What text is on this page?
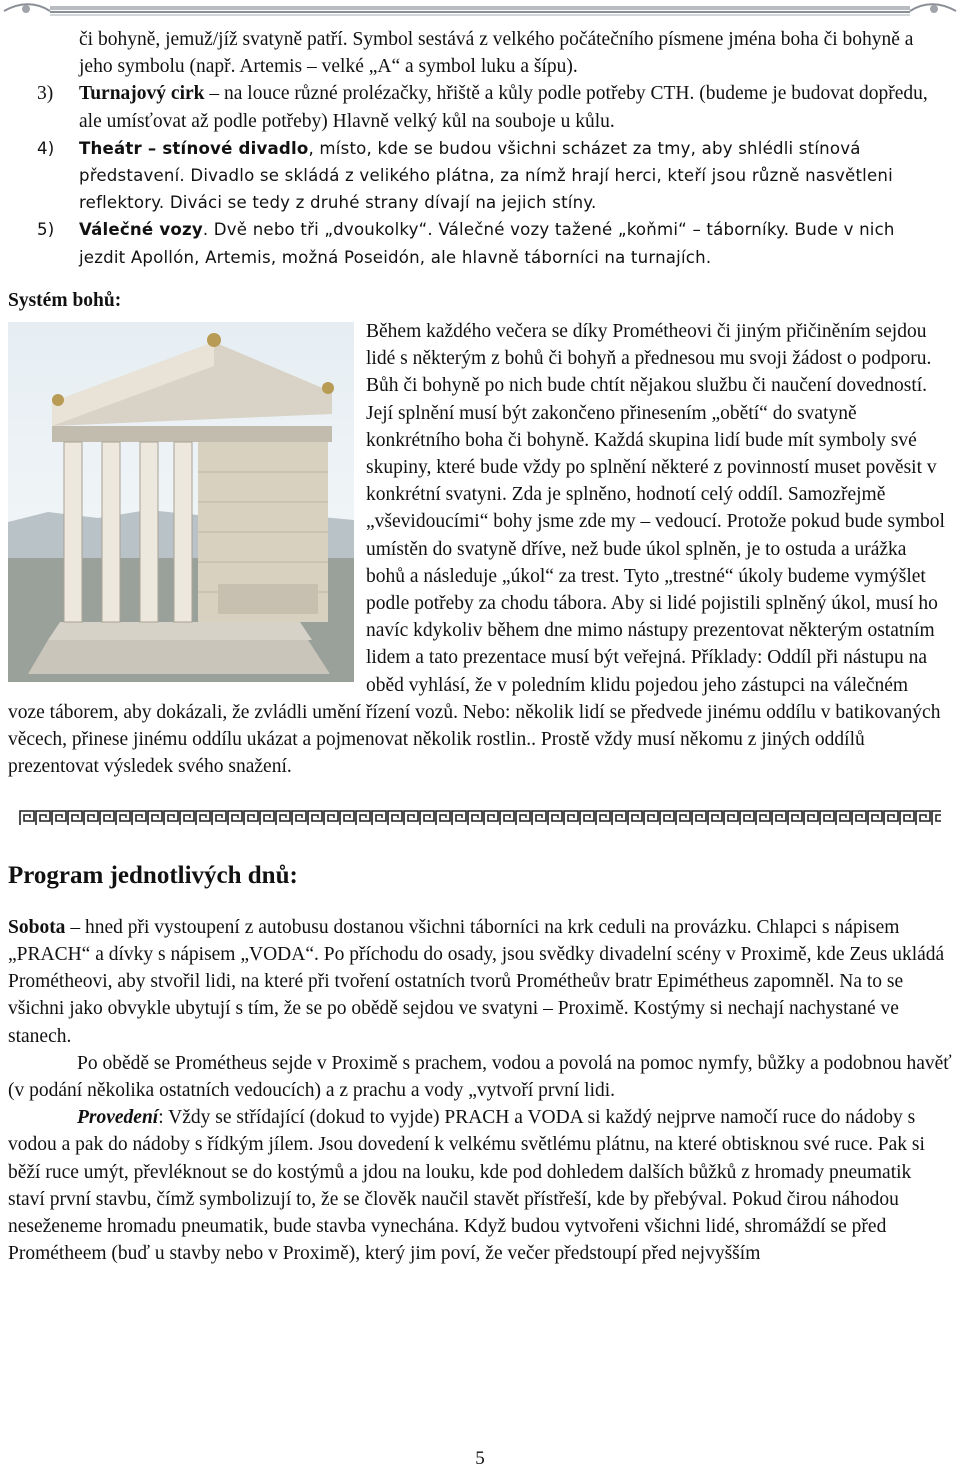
či bohyně, jemuž/jíž svatyně patří. Symbol sestává z velkého počátečního písmene jména boha či bohyně a jeho symbolu (např. Artemis – velké „A“ a symbol luku a šípu).
3) Turnajový cirk – na louce různé prolézačky, hřiště a kůly podle potřeby CTH. (budeme je budovat dopředu, ale umísťovat až podle potřeby) Hlavně velký kůl na souboje u kůlu.
4) Theátr – stínové divadlo, místo, kde se budou všichni scházet za tmy, aby shlédli stínová představení. Divadlo se skládá z velikého plátna, za nímž hrají herci, kteří jsou různě nasvětleni reflektory. Diváci se tedy z druhé strany dívají na jejich stíny.
5) Válečné vozy. Dvě nebo tři „dvoukolky“. Válečné vozy tažené „koňmi“ – táborníky. Bude v nich jezdit Apollón, Artemis, možná Poseidón, ale hlavně táborníci na turnajích.
Systém bohů:
Během každého večera se díky Prométheovi či jiným přičiněním sejdou lidé s některým z bohů či bohyň a přednesou mu svoji žádost o podporu. Bůh či bohyně po nich bude chtít nějakou službu či naučení dovedností. Její splnění musí být zakončeno přinesením „obětí“ do svatyně konkrétního boha či bohyně. Každá skupina lidí bude mít symboly své skupiny, které bude vždy po splnění některé z povinností muset pověsit v konkrétní svatyni. Zda je splněno, hodnotí celý oddíl. Samozřejmě „vševidoucími“ bohy jsme zde my – vedoucí. Protože pokud bude symbol umístěn do svatyně dříve, než bude úkol splněn, je to ostuda a urážka bohů a následuje „úkol“ za trest. Tyto „trestné“ úkoly budeme vymýšlet podle potřeby za chodu tábora. Aby si lidé pojistili splněný úkol, musí ho navíc kdykoliv během dne mimo nástupy prezentovat některým ostatním lidem a tato prezentace musí být veřejná. Příklady: Oddíl při nástupu na oběd vyhlásí, že v poledním klidu pojedou jeho zástupci na válečném voze táborem, aby dokázali, že zvládli umění řízení vozů. Nebo: několik lidí se předvede jinému oddílu v batikovaných věcech, přinese jinému oddílu ukázat a pojmenovat několik rostlin.. Prostě vždy musí někomu z jiných oddílů prezentovat výsledek svého snažení.
Program jednotlivých dnů:

Sobota – hned při vystoupení z autobusu dostanou všichni táborníci na krk ceduli na provázku. Chlapci s nápisem „PRACH“ a dívky s nápisem „VODA“. Po příchodu do osady, jsou svědky divadelní scény v Proximě, kde Zeus ukládá Prométheovi, aby stvořil lidi, na které při tvoření ostatních tvorů Prométheův bratr Epimétheus zapomněl. Na to se všichni jako obvykle ubytují s tím, že se po obědě sejdou ve svatyni – Proximě. Kostýmy si nechají nachystané ve stanech.

Po obědě se Prométheus sejde v Proximě s prachem, vodou a povolá na pomoc nymfy, bůžky a podobnou havěť (v podání několika ostatních vedoucích) a z prachu a vody „vytvoří první lidi.

Provedení: Vždy se střídající (dokud to vyjde) PRACH a VODA si každý nejprve namočí ruce do nádoby s vodou a pak do nádoby s řídkým jílem. Jsou dovedení k velkému světlému plátnu, na které obtisknou své ruce. Pak si běží ruce umýt, převléknout se do kostýmů a jdou na louku, kde pod dohledem dalších bůžků z hromady pneumatik staví první stavbu, čímž symbolizují to, že se člověk naučil stavět přístřeší, kde by přebýval. Pokud čirou náhodou neseženeme hromadu pneumatik, bude stavba vynechána. Když budou vytvořeni všichni lidé, shromáždí se před Prométheem (buď u stavby nebo v Proximě), který jim poví, že večer předstoupí před nejvyšším

5
